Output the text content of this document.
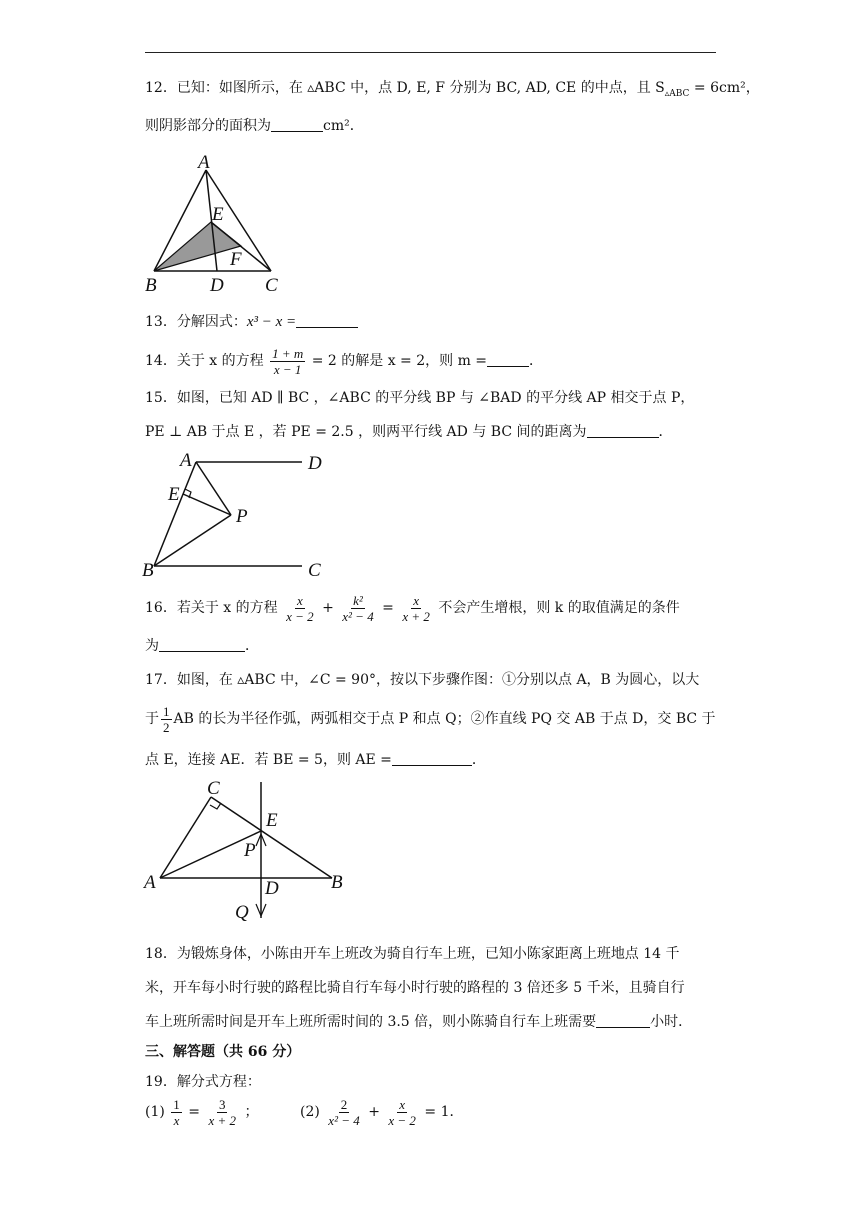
12．已知：如图所示，在 ▵ABC 中，点 D, E, F 分别为 BC, AD, CE 的中点，且 $S_{▵ABC} = 6cm^2$，
则阴影部分的面积为	cm²．
A
B	D C
E
F
13．分解因式：x³ − x =
14．关于 x 的方程 $\frac{1 + m}{x - 1} = 2$ 的解是 x = 2，则 m =	．
15．如图，已知 AD ∥ BC ，∠ABC 的平分线 BP 与 ∠BAD 的平分线 AP 相交于点 P，
PE ⊥ AB 于点 E ，若 PE = 2.5 ，则两平行线 AD 与 BC 间的距离为	．
A	D
E
P
B	C
16．若关于 x 的方程 $\frac{x}{x - 2} + \frac{\text{k²}}{\text{x² − 4}} = \frac{x}{x + 2}$ 不会产生增根，则 k 的取值满足的条件
为	．
17．如图，在 ▵ABC 中，∠C = 90°，按以下步骤作图：①分别以点 A，B 为圆心，以大
于 $\frac{1}{2}$ AB 的长为半径作弧，两弧相交于点 P 和点 Q；②作直线 PQ 交 AB 于点 D，交 BC 于
点 E，连接 AE．若 BE = 5，则 AE =	．
C
E
P
A	D	B
Q
18．为锻炼身体，小陈由开车上班改为骑自行车上班，已知小陈家距离上班地点 14 千
米，开车每小时行驶的路程比骑自行车每小时行驶的路程的 3 倍还多 5 千米，且骑自行
车上班所需时间是开车上班所需时间的 3.5 倍，则小陈骑自行车上班需要	小时．
三、解答题（共 66 分）
19．解分式方程：
$(1) \frac{1}{x} = \frac{3}{x + 2}$ ；	$(2) \frac{2}{\text{x² − 4}} + \frac{x}{x - 2} = 1$．
